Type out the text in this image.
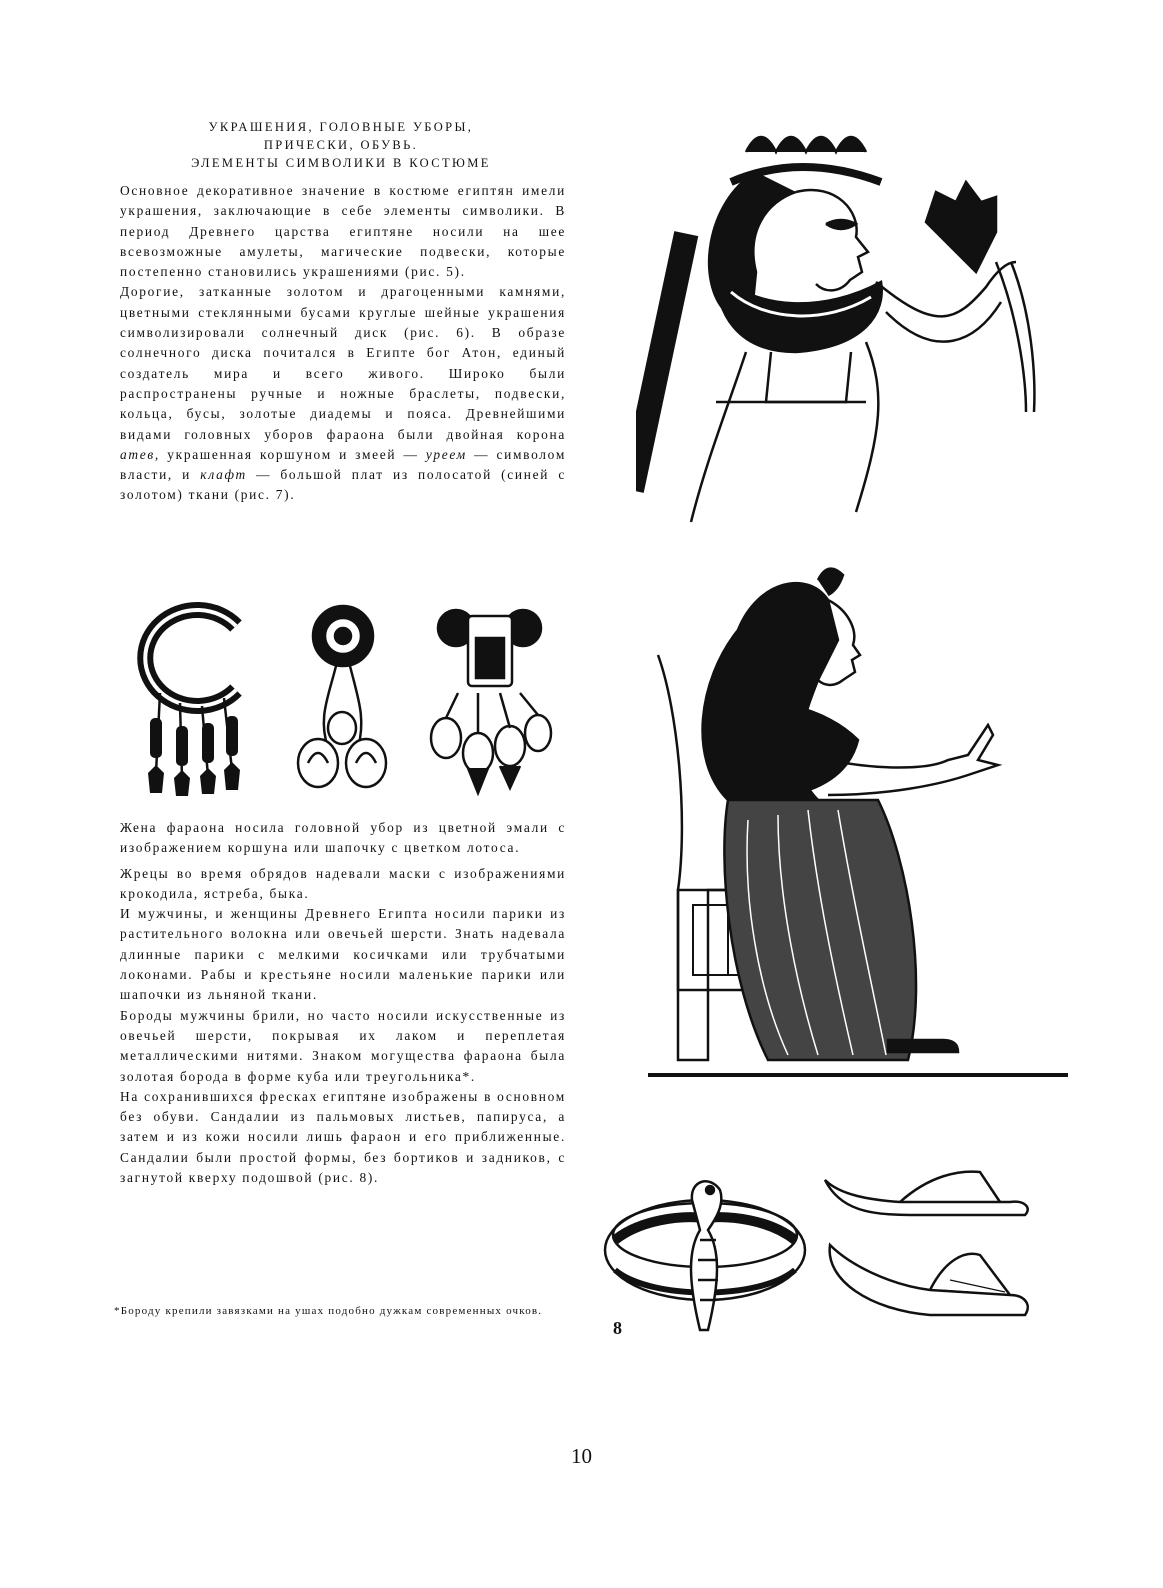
УКРАШЕНИЯ, ГОЛОВНЫЕ УБОРЫ,
ПРИЧЕСКИ, ОБУВЬ.
ЭЛЕМЕНТЫ СИМВОЛИКИ В КОСТЮМЕ

Основное декоративное значение в костюме египтян имели украшения, заключающие в себе элементы символики. В период Древнего царства египтяне носили на шее всевозможные амулеты, магические подвески, которые постепенно становились украшениями (рис. 5).

Дорогие, затканные золотом и драгоценными камнями, цветными стеклянными бусами круглые шейные украшения символизировали солнечный диск (рис. 6). В образе солнечного диска почитался в Египте бог Атон, единый создатель мира и всего живого. Широко были распространены ручные и ножные браслеты, подвески, кольца, бусы, золотые диадемы и пояса. Древнейшими видами головных уборов фараона были двойная корона атев, украшенная коршуном и змеей — уреем — символом власти, и клафт — большой плат из полосатой (синей с золотом) ткани (рис. 7).

Жена фараона носила головной убор из цветной эмали с изображением коршуна или шапочку с цветком лотоса.

Жрецы во время обрядов надевали маски с изображениями крокодила, ястреба, быка.

И мужчины, и женщины Древнего Египта носили парики из растительного волокна или овечьей шерсти. Знать надевала длинные парики с мелкими косичками или трубчатыми локонами. Рабы и крестьяне носили маленькие парики или шапочки из льняной ткани.

Бороды мужчины брили, но часто носили искусственные из овечьей шерсти, покрывая их лаком и переплетая металлическими нитями. Знаком могущества фараона была золотая борода в форме куба или треугольника*.

На сохранившихся фресках египтяне изображены в основном без обуви. Сандалии из пальмовых листьев, папируса, а затем и из кожи носили лишь фараон и его приближенные. Сандалии были простой формы, без бортиков и задников, с загнутой кверху подошвой (рис. 8).

*Бороду крепили завязками на ушах подобно дужкам современных очков.
8
10
